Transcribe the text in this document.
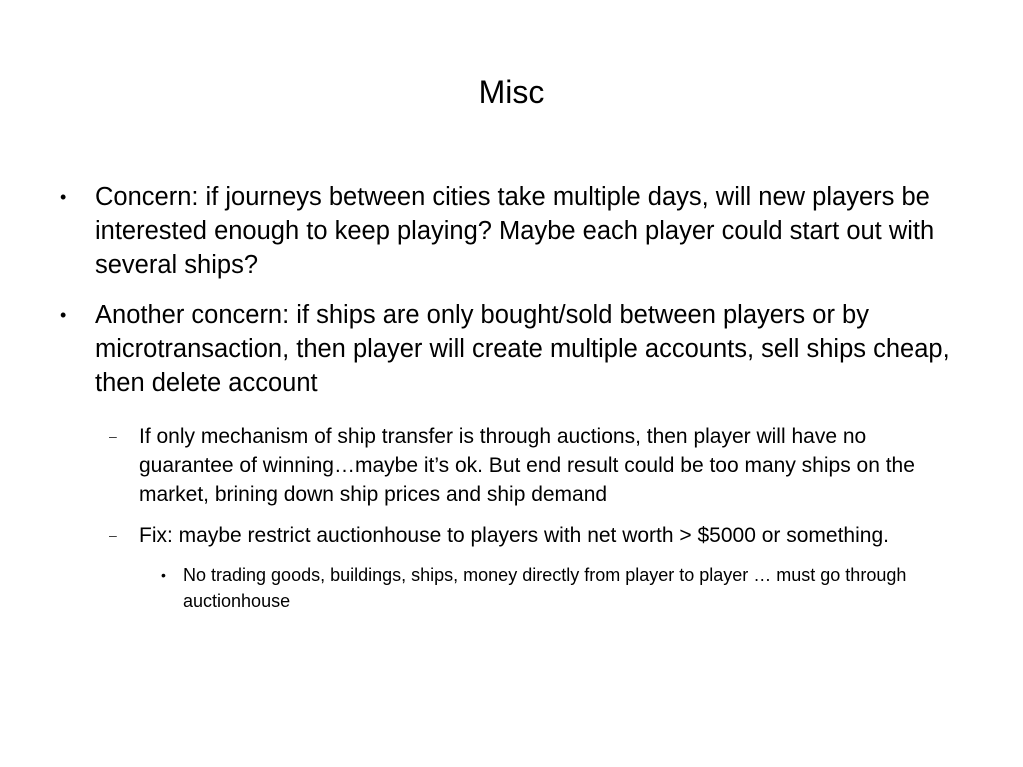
Misc
•	Concern: if journeys between cities take multiple days, will new players be interested enough to keep playing? Maybe each player could start out with several ships?
•	Another concern: if ships are only bought/sold between players or by microtransaction, then player will create multiple accounts, sell ships cheap, then delete account
– If only mechanism of ship transfer is through auctions, then player will have no guarantee of winning…maybe it’s ok. But end result could be too many ships on the market, brining down ship prices and ship demand
– Fix: maybe restrict auctionhouse to players with net worth > $5000 or something.
• No trading goods, buildings, ships, money directly from player to player … must go through auctionhouse
